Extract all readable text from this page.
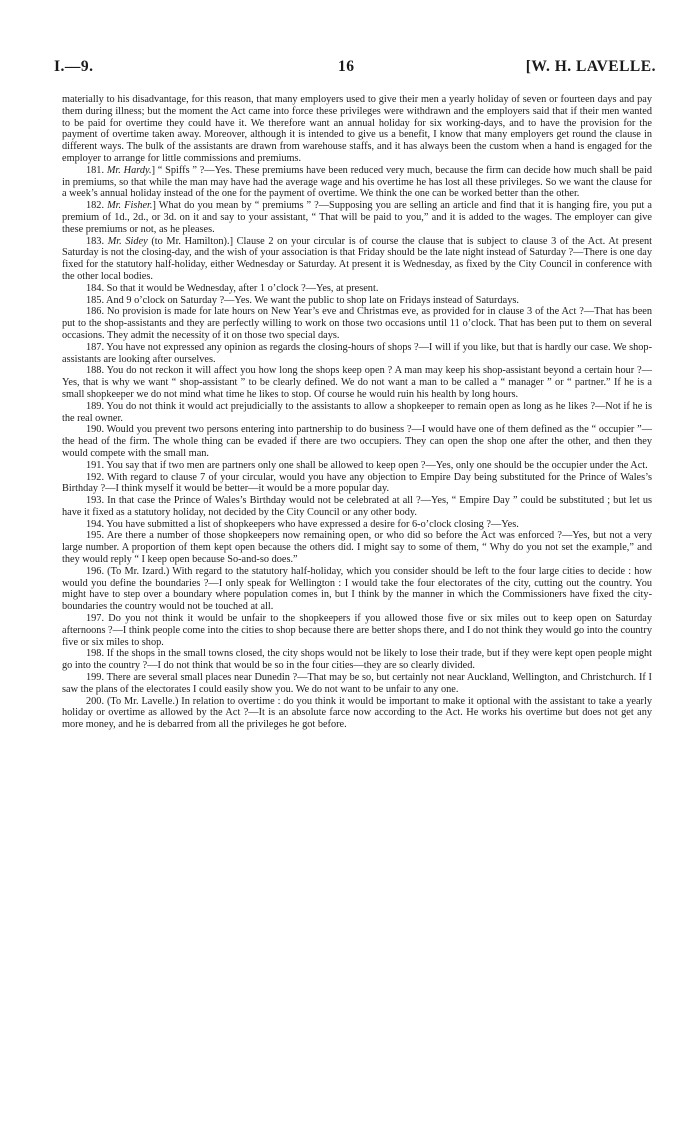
I.—9.	16	[W. H. LAVELLE.

materially to his disadvantage, for this reason, that many employers used to give their men a yearly holiday of seven or fourteen days and pay them during illness; but the moment the Act came into force these privileges were withdrawn and the employers said that if their men wanted to be paid for overtime they could have it. We therefore want an annual holiday for six working-days, and to have the provision for the payment of overtime taken away. Moreover, although it is intended to give us a benefit, I know that many employers get round the clause in different ways. The bulk of the assistants are drawn from warehouse staffs, and it has always been the custom when a hand is engaged for the employer to arrange for little commissions and premiums.

181. Mr. Hardy.] “ Spiffs ” ?—Yes. These premiums have been reduced very much, because the firm can decide how much shall be paid in premiums, so that while the man may have had the average wage and his overtime he has lost all these privileges. So we want the clause for a week’s annual holiday instead of the one for the payment of overtime. We think the one can be worked better than the other.

182. Mr. Fisher.] What do you mean by “ premiums ” ?—Supposing you are selling an article and find that it is hanging fire, you put a premium of 1d., 2d., or 3d. on it and say to your assistant, “ That will be paid to you,” and it is added to the wages. The employer can give these premiums or not, as he pleases.

183. Mr. Sidey (to Mr. Hamilton).] Clause 2 on your circular is of course the clause that is subject to clause 3 of the Act. At present Saturday is not the closing-day, and the wish of your association is that Friday should be the late night instead of Saturday ?—There is one day fixed for the statutory half-holiday, either Wednesday or Saturday. At present it is Wednesday, as fixed by the City Council in conference with the other local bodies.

184. So that it would be Wednesday, after 1 o’clock ?—Yes, at present.

185. And 9 o’clock on Saturday ?—Yes. We want the public to shop late on Fridays instead of Saturdays.

186. No provision is made for late hours on New Year’s eve and Christmas eve, as provided for in clause 3 of the Act ?—That has been put to the shop-assistants and they are perfectly willing to work on those two occasions until 11 o’clock. That has been put to them on several occasions. They admit the necessity of it on those two special days.

187. You have not expressed any opinion as regards the closing-hours of shops ?—I will if you like, but that is hardly our case. We shop-assistants are looking after ourselves.

188. You do not reckon it will affect you how long the shops keep open ? A man may keep his shop-assistant beyond a certain hour ?—Yes, that is why we want “ shop-assistant ” to be clearly defined. We do not want a man to be called a “ manager ” or “ partner.” If he is a small shopkeeper we do not mind what time he likes to stop. Of course he would ruin his health by long hours.

189. You do not think it would act prejudicially to the assistants to allow a shopkeeper to remain open as long as he likes ?—Not if he is the real owner.

190. Would you prevent two persons entering into partnership to do business ?—I would have one of them defined as the “ occupier ”—the head of the firm. The whole thing can be evaded if there are two occupiers. They can open the shop one after the other, and then they would compete with the small man.

191. You say that if two men are partners only one shall be allowed to keep open ?—Yes, only one should be the occupier under the Act.

192. With regard to clause 7 of your circular, would you have any objection to Empire Day being substituted for the Prince of Wales’s Birthday ?—I think myself it would be better—it would be a more popular day.

193. In that case the Prince of Wales’s Birthday would not be celebrated at all ?—Yes, “ Empire Day ” could be substituted ; but let us have it fixed as a statutory holiday, not decided by the City Council or any other body.

194. You have submitted a list of shopkeepers who have expressed a desire for 6-o’clock closing ?—Yes.

195. Are there a number of those shopkeepers now remaining open, or who did so before the Act was enforced ?—Yes, but not a very large number. A proportion of them kept open because the others did. I might say to some of them, “ Why do you not set the example,” and they would reply “ I keep open because So-and-so does.”

196. (To Mr. Izard.) With regard to the statutory half-holiday, which you consider should be left to the four large cities to decide : how would you define the boundaries ?—I only speak for Wellington : I would take the four electorates of the city, cutting out the country. You might have to step over a boundary where population comes in, but I think by the manner in which the Commissioners have fixed the city-boundaries the country would not be touched at all.

197. Do you not think it would be unfair to the shopkeepers if you allowed those five or six miles out to keep open on Saturday afternoons ?—I think people come into the cities to shop because there are better shops there, and I do not think they would go into the country five or six miles to shop.

198. If the shops in the small towns closed, the city shops would not be likely to lose their trade, but if they were kept open people might go into the country ?—I do not think that would be so in the four cities—they are so clearly divided.

199. There are several small places near Dunedin ?—That may be so, but certainly not near Auckland, Wellington, and Christchurch. If I saw the plans of the electorates I could easily show you. We do not want to be unfair to any one.

200. (To Mr. Lavelle.) In relation to overtime : do you think it would be important to make it optional with the assistant to take a yearly holiday or overtime as allowed by the Act ?—It is an absolute farce now according to the Act. He works his overtime but does not get any more money, and he is debarred from all the privileges he got before.
